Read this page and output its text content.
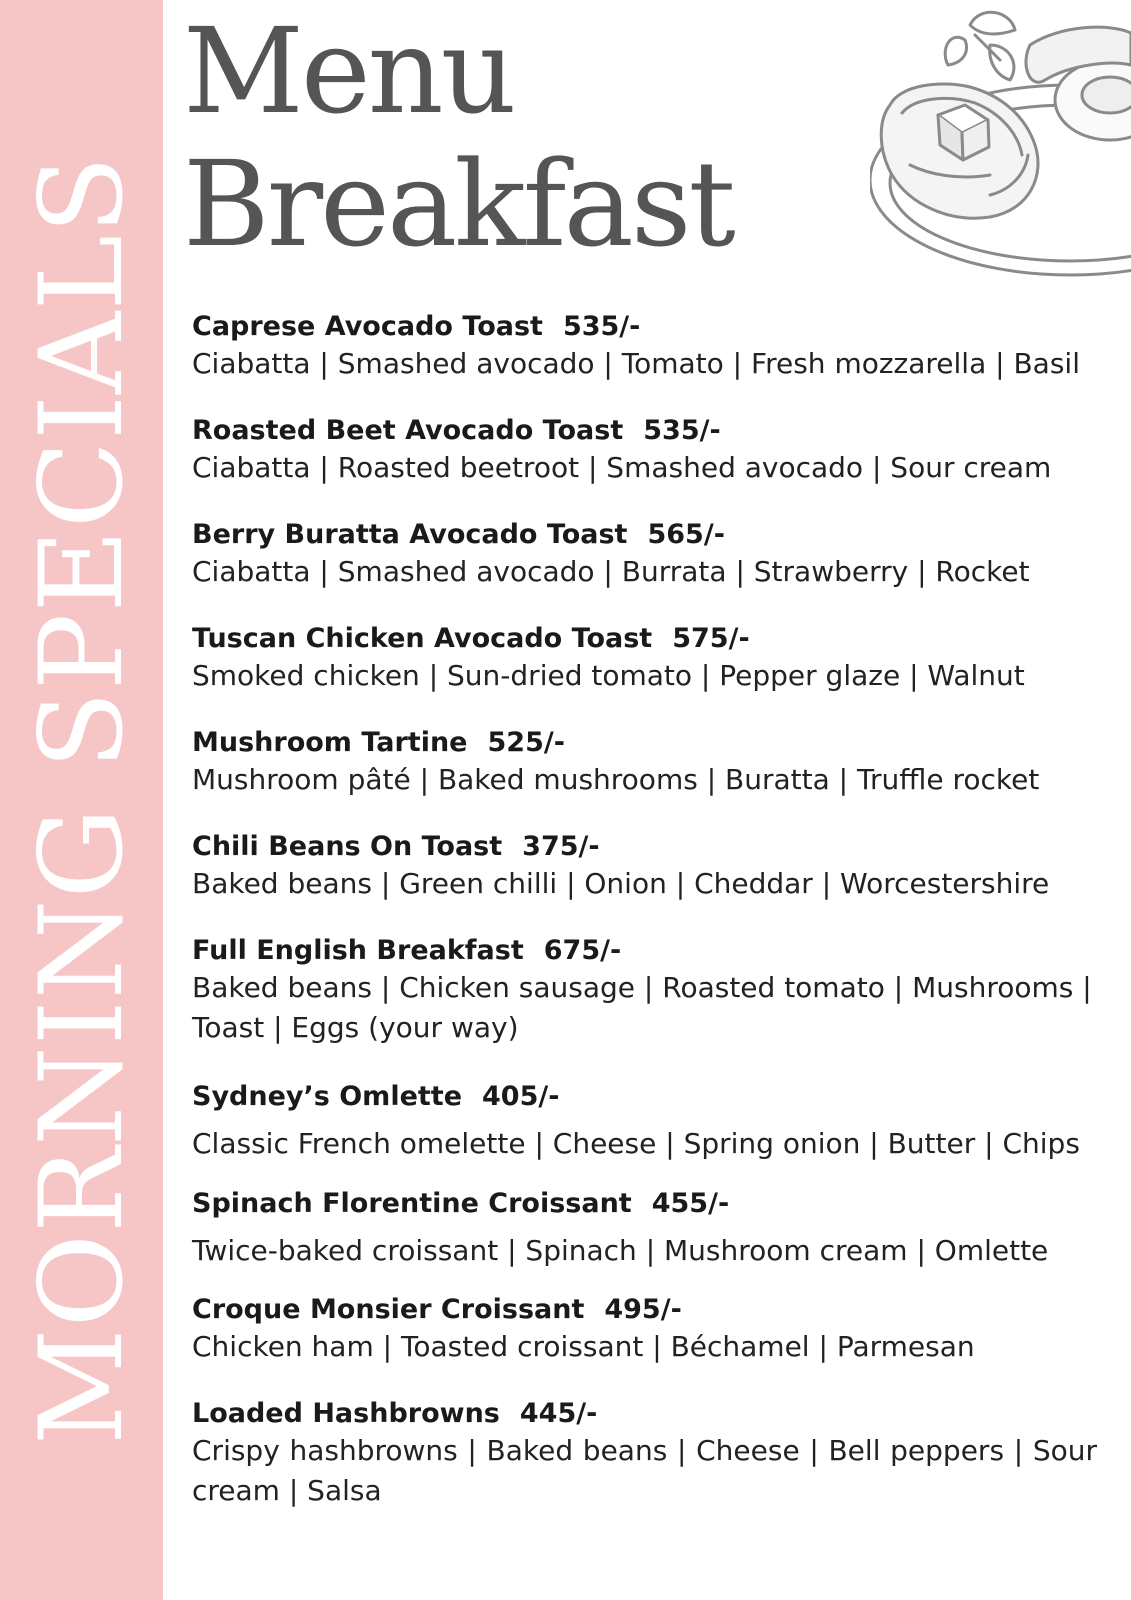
MORNING SPECIALS
Menu
Breakfast
Caprese Avocado Toast 535/-
Ciabatta | Smashed avocado | Tomato | Fresh mozzarella | Basil
Roasted Beet Avocado Toast 535/-
Ciabatta | Roasted beetroot | Smashed avocado | Sour cream
Berry Buratta Avocado Toast 565/-
Ciabatta | Smashed avocado | Burrata | Strawberry | Rocket
Tuscan Chicken Avocado Toast 575/-
Smoked chicken | Sun-dried tomato | Pepper glaze | Walnut
Mushroom Tartine 525/-
Mushroom pâté | Baked mushrooms | Buratta | Truffle rocket
Chili Beans On Toast 375/-
Baked beans | Green chilli | Onion | Cheddar | Worcestershire
Full English Breakfast 675/-
Baked beans | Chicken sausage | Roasted tomato | Mushrooms | Toast | Eggs (your way)
Sydney’s Omlette 405/-
Classic French omelette | Cheese | Spring onion | Butter | Chips
Spinach Florentine Croissant 455/-
Twice-baked croissant | Spinach | Mushroom cream | Omlette
Croque Monsier Croissant 495/-
Chicken ham | Toasted croissant | Béchamel | Parmesan
Loaded Hashbrowns 445/-
Crispy hashbrowns | Baked beans | Cheese | Bell peppers | Sour cream | Salsa
